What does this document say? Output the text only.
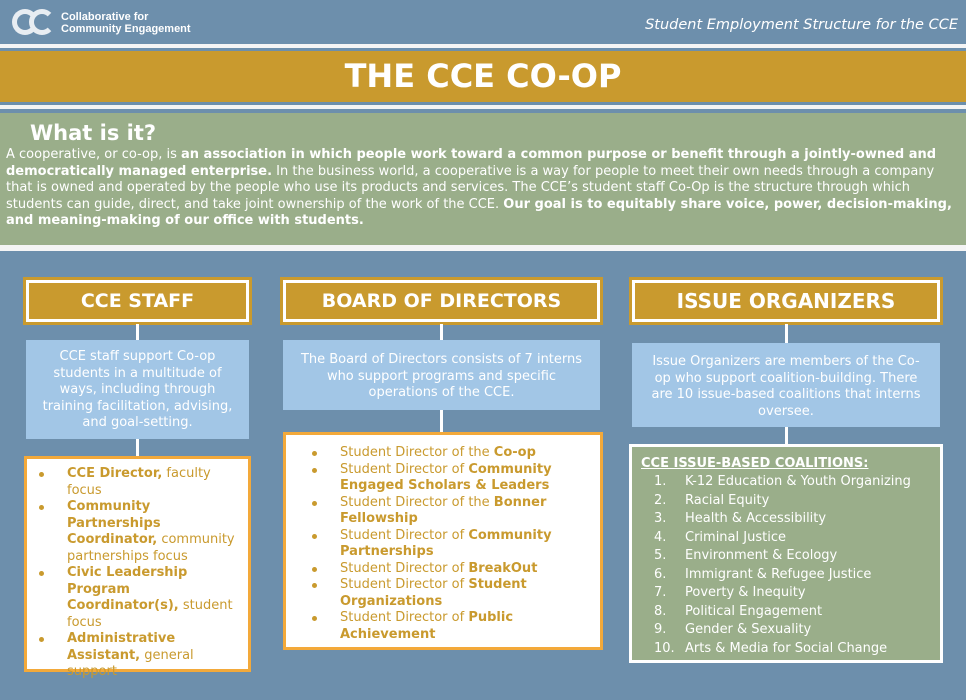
Collaborative for
Community Engagement	Student Employment Structure for the CCE
THE CCE CO-OP
What is it?

A cooperative, or co-op, is an association in which people work toward a common purpose or benefit through a jointly-owned and democratically managed enterprise. In the business world, a cooperative is a way for people to meet their own needs through a company that is owned and operated by the people who use its products and services. The CCE’s student staff Co-Op is the structure through which students can guide, direct, and take joint ownership of the work of the CCE. Our goal is to equitably share voice, power, decision-making, and meaning-making of our office with students.

CCE STAFF
CCE staff support Co-op students in a multitude of ways, including through training facilitation, advising, and goal-setting.
CCE Director, faculty focus
Community Partnerships Coordinator, community partnerships focus
Civic Leadership Program Coordinator(s), student focus
Administrative Assistant, general support
BOARD OF DIRECTORS
The Board of Directors consists of 7 interns who support programs and specific operations of the CCE.
Student Director of the Co-op
Student Director of Community Engaged Scholars & Leaders
Student Director of the Bonner Fellowship
Student Director of Community Partnerships
Student Director of BreakOut
Student Director of Student Organizations
Student Director of Public Achievement
ISSUE ORGANIZERS
Issue Organizers are members of the Co-op who support coalition-building. There are 10 issue-based coalitions that interns oversee.
CCE ISSUE-BASED COALITIONS:
1. K-12 Education & Youth Organizing
2. Racial Equity
3. Health & Accessibility
4. Criminal Justice
5. Environment & Ecology
6. Immigrant & Refugee Justice
7. Poverty & Inequity
8. Political Engagement
9. Gender & Sexuality
10. Arts & Media for Social Change
